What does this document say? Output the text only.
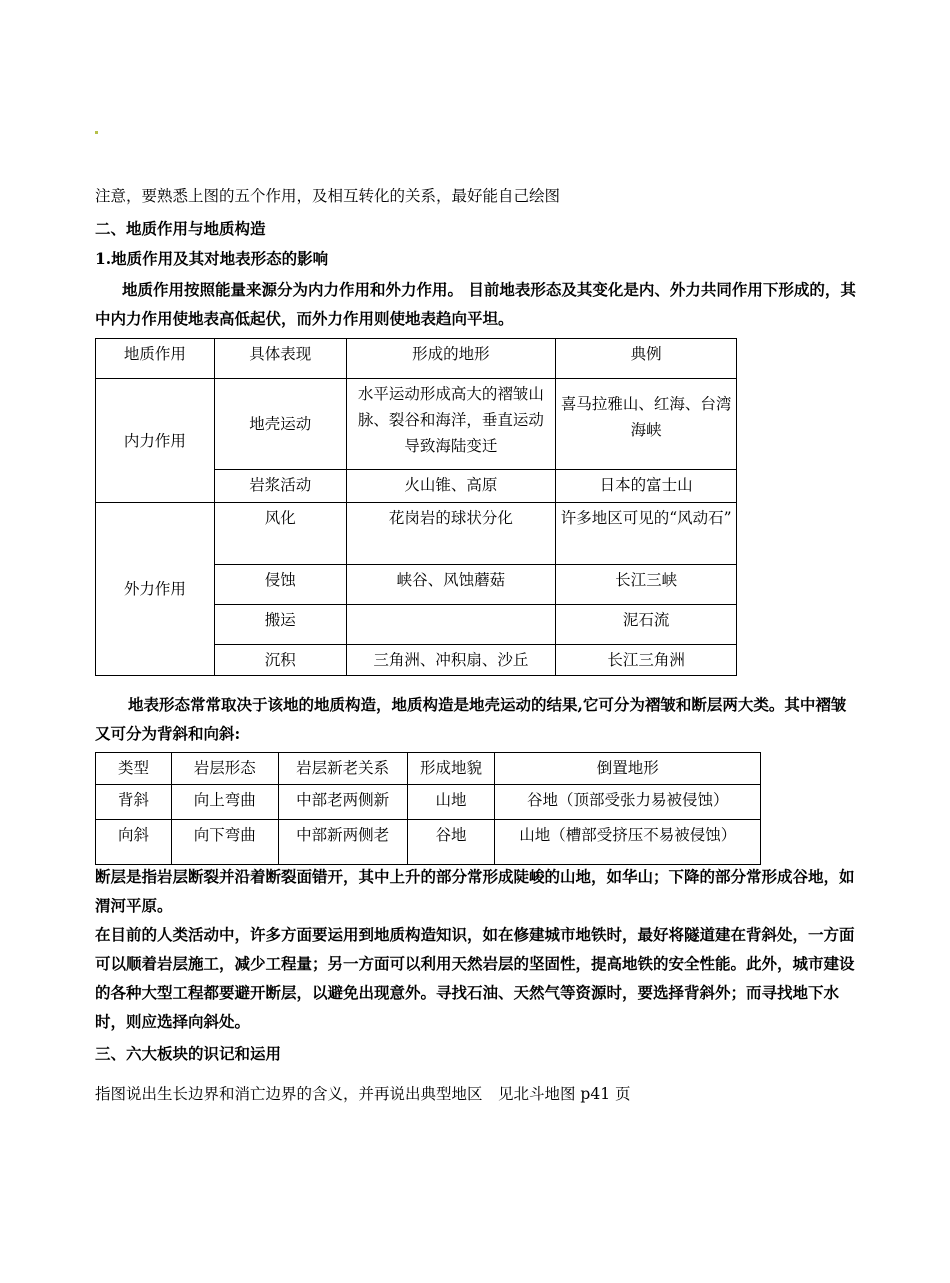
注意，要熟悉上图的五个作用，及相互转化的关系，最好能自己绘图
二、地质作用与地质构造
1.地质作用及其对地表形态的影响
地质作用按照能量来源分为内力作用和外力作用。 目前地表形态及其变化是内、外力共同作用下形成的，其中内力作用使地表高低起伏，而外力作用则使地表趋向平坦。
地质作用	具体表现	形成的地形	典例
内力作用	地壳运动	水平运动形成高大的褶皱山脉、裂谷和海洋，垂直运动导致海陆变迁	喜马拉雅山、红海、台湾海峡
	岩浆活动	火山锥、高原	日本的富士山
外力作用	风化	花岗岩的球状分化	许多地区可见的“风动石”
	侵蚀	峡谷、风蚀蘑菇	长江三峡
	搬运		泥石流
	沉积	三角洲、冲积扇、沙丘	长江三角洲
地表形态常常取决于该地的地质构造，地质构造是地壳运动的结果,它可分为褶皱和断层两大类。其中褶皱又可分为背斜和向斜:
类型	岩层形态	岩层新老关系	形成地貌	倒置地形
背斜	向上弯曲	中部老两侧新	山地	谷地（顶部受张力易被侵蚀）
向斜	向下弯曲	中部新两侧老	谷地	山地（槽部受挤压不易被侵蚀）
断层是指岩层断裂并沿着断裂面错开，其中上升的部分常形成陡峻的山地，如华山；下降的部分常形成谷地，如渭河平原。
在目前的人类活动中，许多方面要运用到地质构造知识，如在修建城市地铁时，最好将隧道建在背斜处，一方面可以顺着岩层施工，减少工程量；另一方面可以利用天然岩层的坚固性，提高地铁的安全性能。此外，城市建设的各种大型工程都要避开断层，以避免出现意外。寻找石油、天然气等资源时，要选择背斜外；而寻找地下水时，则应选择向斜处。
三、六大板块的识记和运用
指图说出生长边界和消亡边界的含义，并再说出典型地区　见北斗地图 p41 页
